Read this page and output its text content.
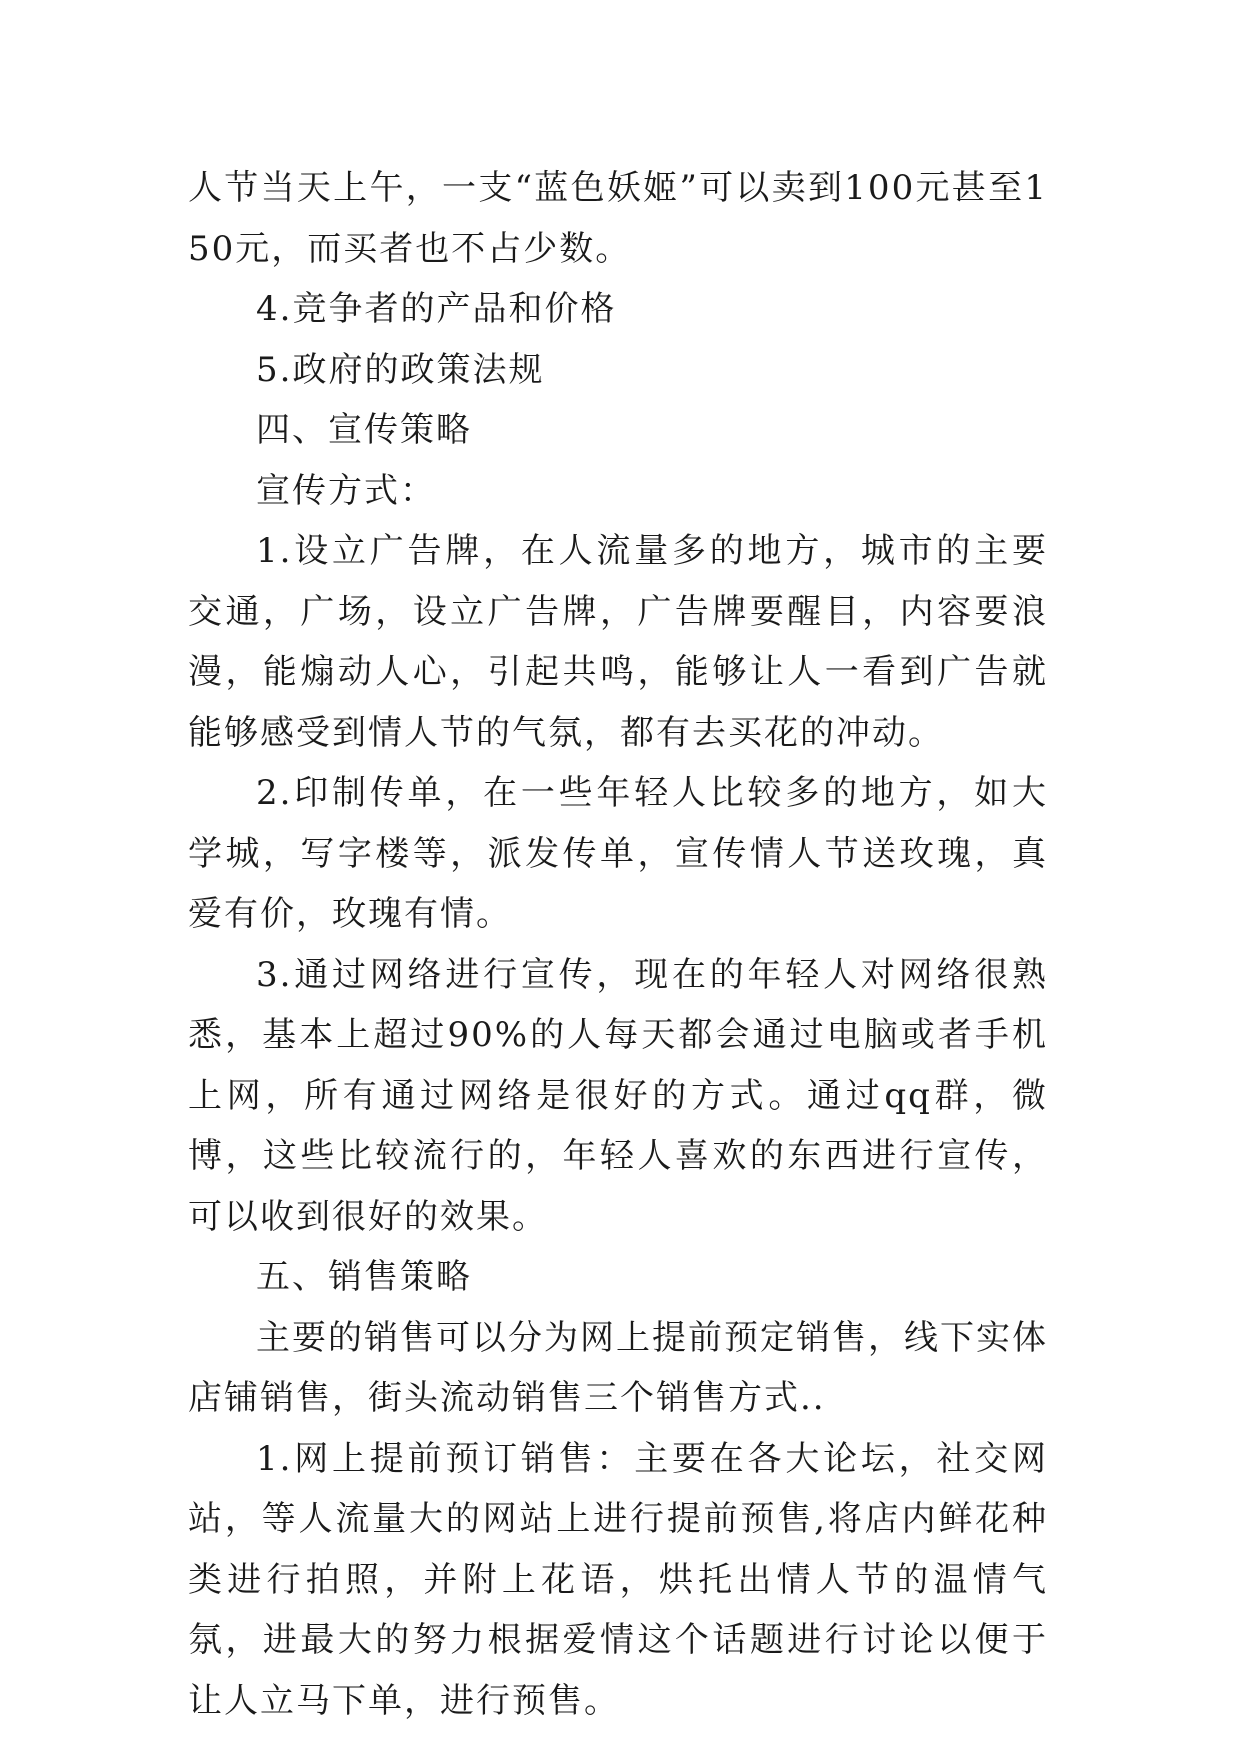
人节当天上午，一支“蓝色妖姬”可以卖到100元甚至150元，而买者也不占少数。

4.竞争者的产品和价格

5.政府的政策法规

四、宣传策略

宣传方式：

1.设立广告牌，在人流量多的地方，城市的主要交通，广场，设立广告牌，广告牌要醒目，内容要浪漫，能煽动人心，引起共鸣，能够让人一看到广告就能够感受到情人节的气氛，都有去买花的冲动。

2.印制传单，在一些年轻人比较多的地方，如大学城，写字楼等，派发传单，宣传情人节送玫瑰，真爱有价，玫瑰有情。

3.通过网络进行宣传，现在的年轻人对网络很熟悉，基本上超过90%的人每天都会通过电脑或者手机上网，所有通过网络是很好的方式。通过qq群，微博，这些比较流行的，年轻人喜欢的东西进行宣传，可以收到很好的效果。

五、销售策略

主要的销售可以分为网上提前预定销售，线下实体店铺销售，街头流动销售三个销售方式..

1.网上提前预订销售：主要在各大论坛，社交网站，等人流量大的网站上进行提前预售,将店内鲜花种类进行拍照，并附上花语，烘托出情人节的温情气氛，进最大的努力根据爱情这个话题进行讨论以便于让人立马下单，进行预售。
